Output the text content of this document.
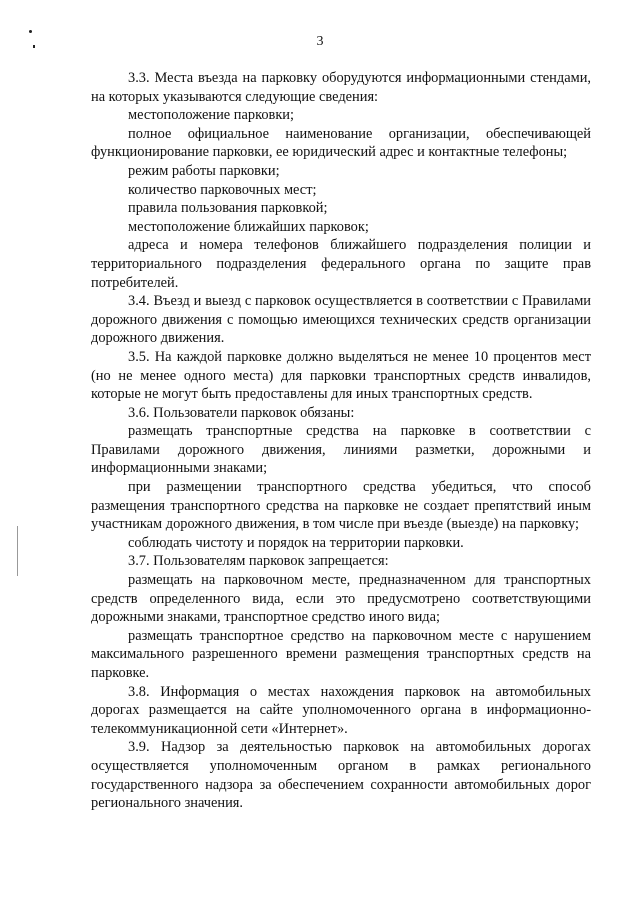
3

3.3. Места въезда на парковку оборудуются информационными стендами, на которых указываются следующие сведения:

местоположение парковки;

полное официальное наименование организации, обеспечивающей функционирование парковки, ее юридический адрес и контактные телефоны;

режим работы парковки;

количество парковочных мест;

правила пользования парковкой;

местоположение ближайших парковок;

адреса и номера телефонов ближайшего подразделения полиции и территориального подразделения федерального органа по защите прав потребителей.

3.4. Въезд и выезд с парковок осуществляется в соответствии с Правилами дорожного движения с помощью имеющихся технических средств организации дорожного движения.

3.5. На каждой парковке должно выделяться не менее 10 процентов мест (но не менее одного места) для парковки транспортных средств инвалидов, которые не могут быть предоставлены для иных транспортных средств.

3.6. Пользователи парковок обязаны:

размещать транспортные средства на парковке в соответствии с Правилами дорожного движения, линиями разметки, дорожными и информационными знаками;

при размещении транспортного средства убедиться, что способ размещения транспортного средства на парковке не создает препятствий иным участникам дорожного движения, в том числе при въезде (выезде) на парковку;

соблюдать чистоту и порядок на территории парковки.

3.7. Пользователям парковок запрещается:

размещать на парковочном месте, предназначенном для транспортных средств определенного вида, если это предусмотрено соответствующими дорожными знаками, транспортное средство иного вида;

размещать транспортное средство на парковочном месте с нарушением максимального разрешенного времени размещения транспортных средств на парковке.

3.8. Информация о местах нахождения парковок на автомобильных дорогах размещается на сайте уполномоченного органа в информационно-телекоммуникационной сети «Интернет».

3.9. Надзор за деятельностью парковок на автомобильных дорогах осуществляется уполномоченным органом в рамках регионального государственного надзора за обеспечением сохранности автомобильных дорог регионального значения.
